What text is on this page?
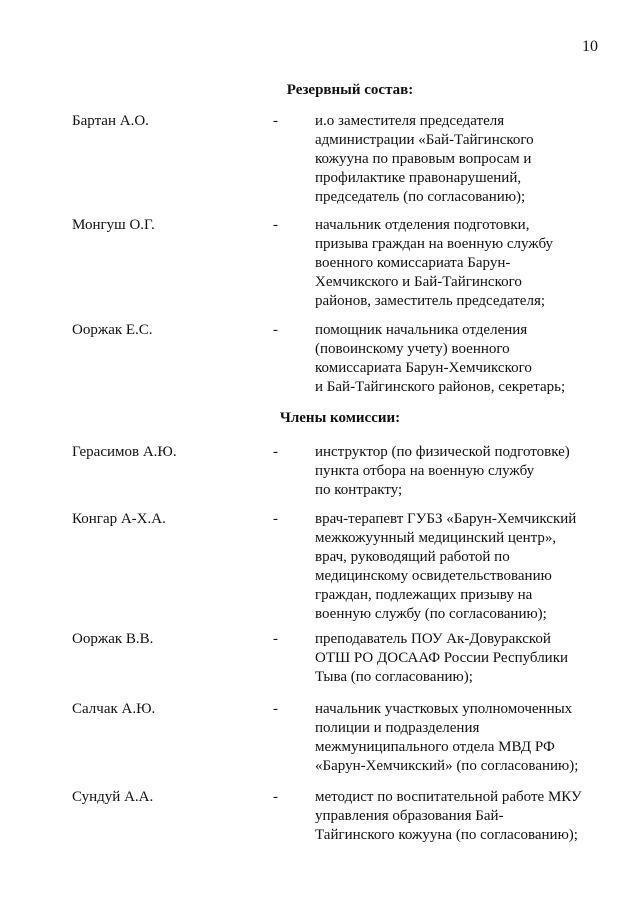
10
Резервный состав:
Бартан А.О.	- и.о заместителя председателя
администрации «Бай-Тайгинского
кожууна по правовым вопросам и
профилактике правонарушений,
председатель (по согласованию);
Монгуш О.Г.	- начальник отделения подготовки,
призыва граждан на военную службу
военного комиссариата Барун-
Хемчикского и Бай-Тайгинского
районов, заместитель председателя;
Ооржак Е.С.	- помощник начальника отделения
(повоинскому учету) военного
комиссариата Барун-Хемчикского
и Бай-Тайгинского районов, секретарь;
Члены комиссии:
Герасимов А.Ю.	- инструктор (по физической подготовке)
пункта отбора на военную службу
по контракту;
Конгар А-Х.А.	- врач-терапевт ГУБЗ «Барун-Хемчикский
межкожуунный медицинский центр»,
врач, руководящий работой по
медицинскому освидетельствованию
граждан, подлежащих призыву на
военную службу (по согласованию);
Ооржак В.В.	- преподаватель ПОУ Ак-Довуракской
ОТШ РО ДОСААФ России Республики
Тыва (по согласованию);
Салчак А.Ю.	- начальник участковых уполномоченных
полиции и подразделения
межмуниципального отдела МВД РФ
«Барун-Хемчикский» (по согласованию);
Сундуй А.А.	- методист по воспитательной работе МКУ
управления образования Бай-
Тайгинского кожууна (по согласованию);
